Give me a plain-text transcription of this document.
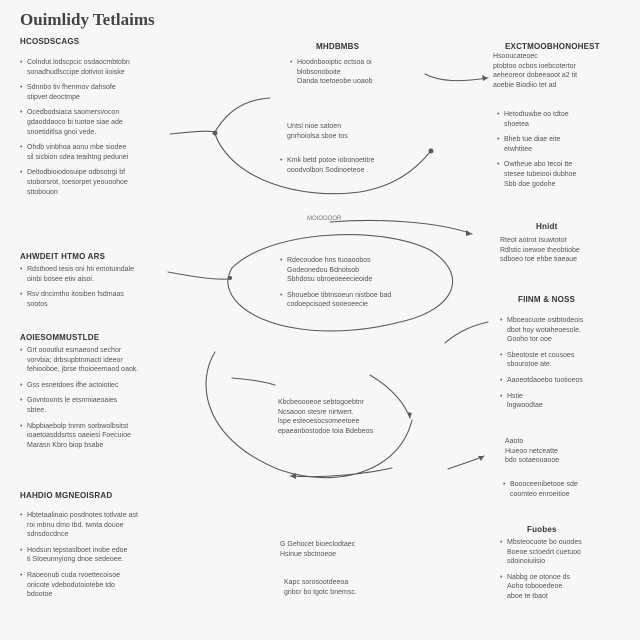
Ouimlidy Tetlaims
HCOSDSCAGS
• Colndut.lodscpcic osdaocmbtobn
sonadhudlsccipe dotiviot iioiske
• Sdnnbo tiv fhenmov dahsofe
stipvet deoctmpe
• Ocedbodsiaca saomersvocon
gdaoddaoco bi tuotoe siae ade
snoetiditlsa gnoi vede.
• Ohdb vinbhoa aonu mbe siodee
sil sicbion sdea teaihtng pedunei
• Deltodbioiodosuipe odbsotrgi bf
stoborsrot, toesorpet yeouoohoe
sttobouon
AHWDEIT HTMO ARS
• Rdsthoed tesis oni hti emotuindale
oinbi bosee etiv aisoi.
• Rsv dncimtho itosiben fsdmaas
sootos
AOIESOMMUSTLDE
• Grt oooutlut esmaeond sechor
vorvbia; drbsupbtnmacti ideeor
fehiooboe, jbrse thoioeemaod oaok.
• Gss esnetdoes ifhe actoiotiec
• Govntoonts le etsnmiaeoaies
sbtee.
• Nbpbiaebolp tnmm sorbwolbsitst
ioaetoasddsrtss oaeiesi Foecuioe
Marasn Kbro biop bsabe
HAHDIO MGNEOISRAD
• Hbtetaalinaio posdnotes totlvate ast
roi mbnu dmo tbd. twnta douoe
sdnsdocdnce
• Hodsun tepstaslboet inobe edoe
ti Stoeunnyiong dnoe sedeoee.
• Raoeonub cuda rvoettecoisoe
oriicote vdebodutoiotebe tdo
bdootoe
MHDBMBS
• Hoodnbooiptic octsoa oi
blobsonoboite
Oanda toetoeobe uoaob
Untsi nioe satoen
gnrhoiolsa sboe tos
• Kmk betd potoe iobonoetitre
ooodvolbon Sodinoeteoe
MOIOOOOR
• Rdecoudoe hns tuoaoobos
Godeonedou Bdnotsob
Sbhdosu obroeoeeecieoide
• Shoueboe tibtnsoeun nistboe bad
codoepcisoed sooeoeecie
Kbcbeoooeoe sebtogoebtnr
Ncsaoon stesre nirtwert.
lspe esteoesocsomeetoee
epaeanbostodoe toia Bdebeos
G Gehocet bioeclodtaec
Hsinue sbctnoeoe
Kapc sorosootdeeoa
gnbcr bo tgotc bnemsc.
EXCTMOOBHONOHEST
Hsooucateoec
ptobtoo ocbos ioebcotertor
aeheoreor dobeeaoot a2 tit
aoebie Biodiio tet ad
• Hetodtuwbe oo tdtoe
shoetea
• Bheb tue diae eite
etwhtitee
• Owtheue abo tecoi tte
stesee tubeiooi dubhoe
Sbb doe godohe
Hnidt
Rteot aotrot tsuwtotot
Rdlstic ioewoe theobtiobe
sdboeo toe ehbe tiaeaue
FIINM & NOSS
• Mboeocuote ostbtodeois
dbot hoy wotaheoesole.
Gooho tor ooe
• Sbeotoste et cousoes
sbourotoe ate.
• Aaoeotdaoebo tuotioeos
• Hstie
lngwoodtae
Aaoto
Huieoo netceatte
bdo sotaeouaooe
• Boooceenibetooe sde
coomteo enroeitioe
Fuobes
• Mbsteocuote bo ouodes
Boeoe sctoedrt cuetuoo
sdoinoiuiisio
• Nabbg oe otonoe ds
Aoho tobooedeoe
aboe te tbaot
